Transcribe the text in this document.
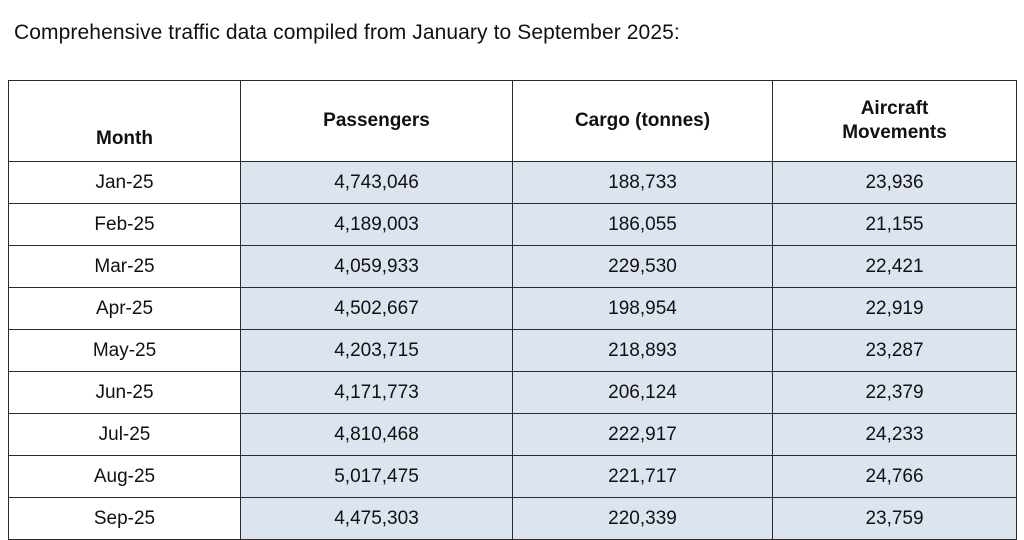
Comprehensive traffic data compiled from January to September 2025:
Month	Passengers	Cargo (tonnes)	Aircraft
Movements
Jan-25	4,743,046	188,733	23,936
Feb-25	4,189,003	186,055	21,155
Mar-25	4,059,933	229,530	22,421
Apr-25	4,502,667	198,954	22,919
May-25	4,203,715	218,893	23,287
Jun-25	4,171,773	206,124	22,379
Jul-25	4,810,468	222,917	24,233
Aug-25	5,017,475	221,717	24,766
Sep-25	4,475,303	220,339	23,759
